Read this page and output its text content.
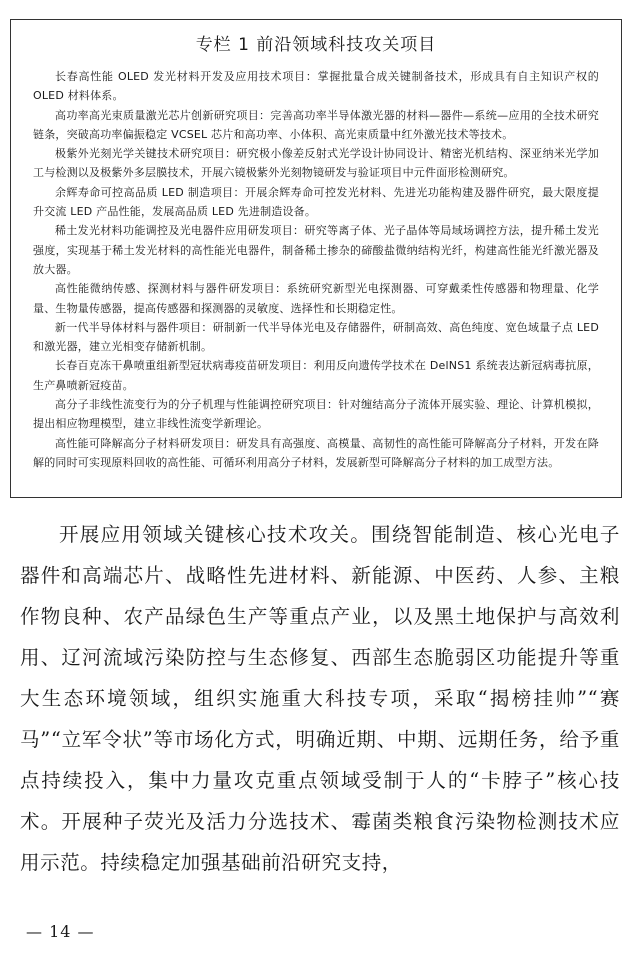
专栏 1 前沿领域科技攻关项目

长春高性能 OLED 发光材料开发及应用技术项目：掌握批量合成关键制备技术，形成具有自主知识产权的 OLED 材料体系。

高功率高光束质量激光芯片创新研究项目：完善高功率半导体激光器的材料—器件—系统—应用的全技术研究链条，突破高功率偏振稳定 VCSEL 芯片和高功率、小体积、高光束质量中红外激光技术等技术。

极紫外光刻光学关键技术研究项目：研究极小像差反射式光学设计协同设计、精密光机结构、深亚纳米光学加工与检测以及极紫外多层膜技术，开展六镜极紫外光刻物镜研发与验证项目中元件面形检测研究。

余辉寿命可控高品质 LED 制造项目：开展余辉寿命可控发光材料、先进光功能构建及器件研究，最大限度提升交流 LED 产品性能，发展高品质 LED 先进制造设备。

稀土发光材料功能调控及光电器件应用研发项目：研究等离子体、光子晶体等局域场调控方法，提升稀土发光强度，实现基于稀土发光材料的高性能光电器件，制备稀土掺杂的碲酸盐微纳结构光纤，构建高性能光纤激光器及放大器。

高性能微纳传感、探测材料与器件研发项目：系统研究新型光电探测器、可穿戴柔性传感器和物理量、化学量、生物量传感器，提高传感器和探测器的灵敏度、选择性和长期稳定性。

新一代半导体材料与器件项目：研制新一代半导体光电及存储器件，研制高效、高色纯度、宽色域量子点 LED 和激光器，建立光相变存储新机制。

长春百克冻干鼻喷重组新型冠状病毒疫苗研发项目：利用反向遗传学技术在 DelNS1 系统表达新冠病毒抗原，生产鼻喷新冠疫苗。

高分子非线性流变行为的分子机理与性能调控研究项目：针对缠结高分子流体开展实验、理论、计算机模拟，提出相应物理模型，建立非线性流变学新理论。

高性能可降解高分子材料研发项目：研发具有高强度、高模量、高韧性的高性能可降解高分子材料，开发在降解的同时可实现原料回收的高性能、可循环利用高分子材料，发展新型可降解高分子材料的加工成型方法。

开展应用领域关键核心技术攻关。围绕智能制造、核心光电子器件和高端芯片、战略性先进材料、新能源、中医药、人参、主粮作物良种、农产品绿色生产等重点产业，以及黑土地保护与高效利用、辽河流域污染防控与生态修复、西部生态脆弱区功能提升等重大生态环境领域，组织实施重大科技专项，采取“揭榜挂帅”“赛马”“立军令状”等市场化方式，明确近期、中期、远期任务，给予重点持续投入，集中力量攻克重点领域受制于人的“卡脖子”核心技术。开展种子荧光及活力分选技术、霉菌类粮食污染物检测技术应用示范。持续稳定加强基础前沿研究支持，

— 14 —
